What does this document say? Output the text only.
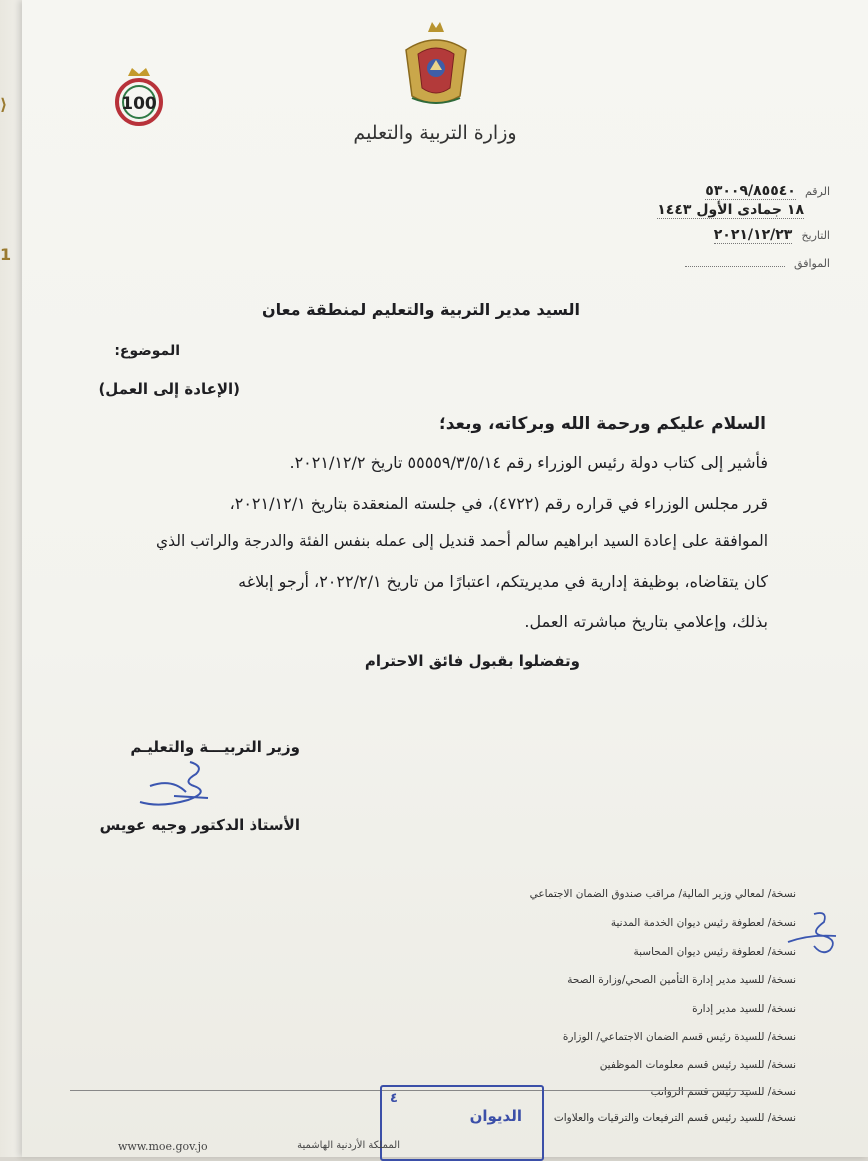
⟩
1
100
وزارة التربية والتعليم
الرقم ٥٣٠٠٩/٨٥٥٤٠
١٨ جمادى الأول ١٤٤٣
التاريخ ٢٠٢١/١٢/٢٣
الموافق
السيد مدير التربية والتعليم لمنطقة معان
الموضوع:
(الإعادة إلى العمل)
السلام عليكم ورحمة الله وبركاته، وبعد؛
فأشير إلى كتاب دولة رئيس الوزراء رقم ٥٥٥٥٩/٣/٥/١٤ تاريخ ٢٠٢١/١٢/٢.
قرر مجلس الوزراء في قراره رقم (٤٧٢٢)، في جلسته المنعقدة بتاريخ ٢٠٢١/١٢/١،
الموافقة على إعادة السيد ابراهيم سالم أحمد قنديل إلى عمله بنفس الفئة والدرجة والراتب الذي
كان يتقاضاه، بوظيفة إدارية في مديريتكم، اعتبارًا من تاريخ ٢٠٢٢/٢/١، أرجو إبلاغه
بذلك، وإعلامي بتاريخ مباشرته العمل.
وتفضلوا بقبول فائق الاحترام
وزير التربيـــة والتعليـم
الأستاذ الدكتور وجيه عويس
نسخة/ لمعالي وزير المالية/ مراقب صندوق الضمان الاجتماعي
نسخة/ لعطوفة رئيس ديوان الخدمة المدنية
نسخة/ لعطوفة رئيس ديوان المحاسبة
نسخة/ للسيد مدير إدارة التأمين الصحي/وزارة الصحة
نسخة/ للسيد مدير إدارة
نسخة/ للسيدة رئيس قسم الضمان الاجتماعي/ الوزارة
نسخة/ للسيد رئيس قسم معلومات الموظفين
نسخة/ للسيد رئيس قسم الرواتب
نسخة/ للسيد رئيس قسم الترفيعات والترقيات والعلاوات
٤
الديوان
www.moe.gov.jo	المملكة الأردنية الهاشمية
